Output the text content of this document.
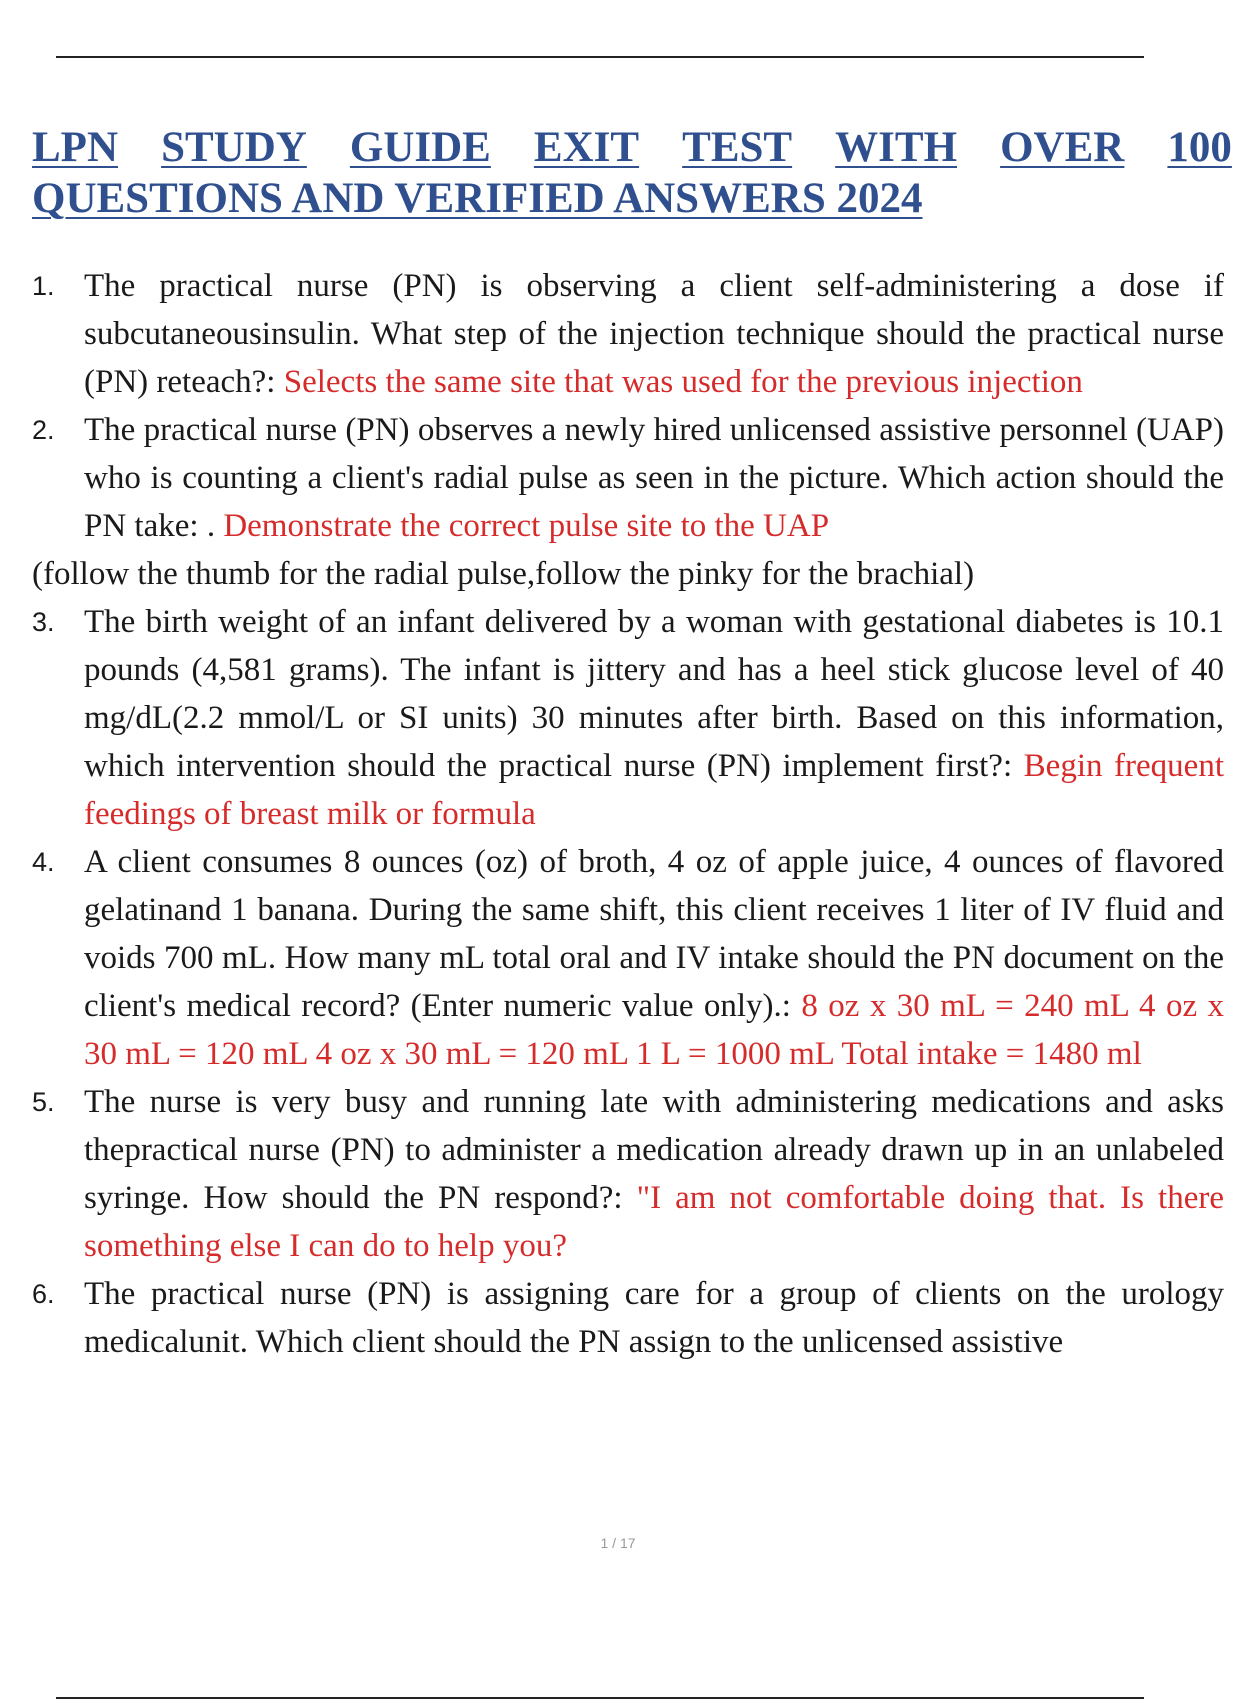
LPN STUDY GUIDE EXIT TEST WITH OVER 100
QUESTIONS AND VERIFIED ANSWERS 2024
1. The practical nurse (PN) is observing a client self-administering a dose if subcutaneousinsulin. What step of the injection technique should the practical nurse (PN) reteach?: Selects the same site that was used for the previous injection
2. The practical nurse (PN) observes a newly hired unlicensed assistive personnel (UAP) who is counting a client's radial pulse as seen in the picture. Which action should the PN take: . Demonstrate the correct pulse site to the UAP

(follow the thumb for the radial pulse,follow the pinky for the brachial)

3. The birth weight of an infant delivered by a woman with gestational diabetes is 10.1 pounds (4,581 grams). The infant is jittery and has a heel stick glucose level of 40 mg/dL(2.2 mmol/L or SI units) 30 minutes after birth. Based on this information, which intervention should the practical nurse (PN) implement first?: Begin frequent feedings of breast milk or formula
4. A client consumes 8 ounces (oz) of broth, 4 oz of apple juice, 4 ounces of flavored gelatinand 1 banana. During the same shift, this client receives 1 liter of IV fluid and voids 700 mL. How many mL total oral and IV intake should the PN document on the client's medical record? (Enter numeric value only).: 8 oz x 30 mL = 240 mL 4 oz x 30 mL = 120 mL 4 oz x 30 mL = 120 mL 1 L = 1000 mL Total intake = 1480 ml
5. The nurse is very busy and running late with administering medications and asks thepractical nurse (PN) to administer a medication already drawn up in an unlabeled syringe. How should the PN respond?: "I am not comfortable doing that. Is there something else I can do to help you?
6. The practical nurse (PN) is assigning care for a group of clients on the urology medicalunit. Which client should the PN assign to the unlicensed assistive
1 / 17
